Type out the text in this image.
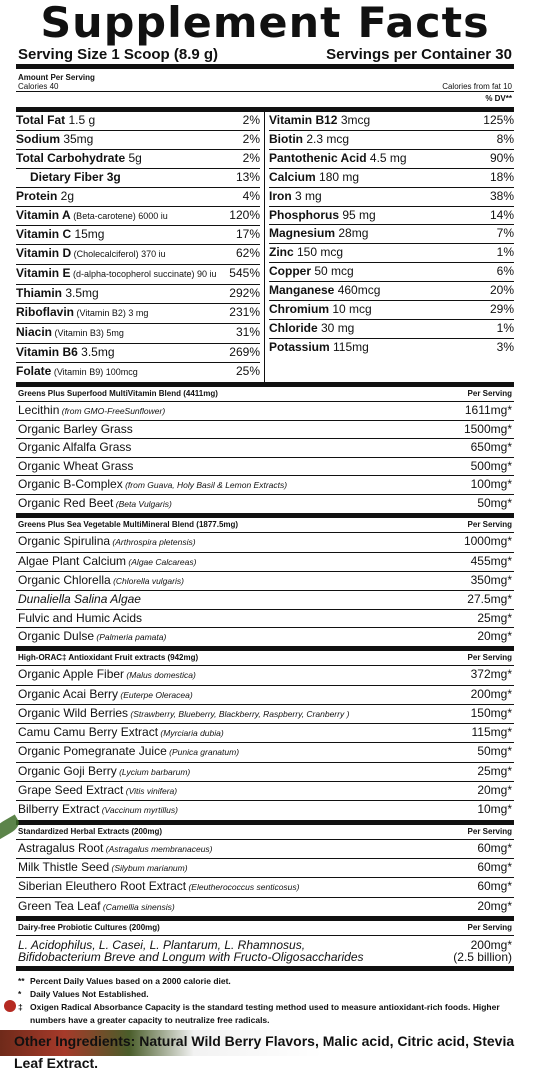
Supplement Facts
Serving Size 1 Scoop (8.9 g)	Servings per Container 30
Amount Per Serving
Calories 40	Calories from fat 10
% DV**
Total Fat 1.5 g	2%
Sodium 35mg	2%
Total Carbohydrate 5g	2%
Dietary Fiber 3g	13%
Protein 2g	4%
Vitamin A (Beta-carotene) 6000 iu	120%
Vitamin C 15mg	17%
Vitamin D (Cholecalciferol) 370 iu	62%
Vitamin E (d-alpha-tocopherol succinate) 90 iu 545%
Thiamin 3.5mg	292%
Riboflavin (Vitamin B2) 3 mg	231%
Niacin (Vitamin B3) 5mg	31%
Vitamin B6 3.5mg	269%
Folate (Vitamin B9) 100mcg	25%
Vitamin B12 3mcg	125%
Biotin 2.3 mcg	8%
Pantothenic Acid 4.5 mg	90%
Calcium 180 mg	18%
Iron 3 mg	38%
Phosphorus 95 mg	14%
Magnesium 28mg	7%
Zinc 150 mcg	1%
Copper 50 mcg	6%
Manganese 460mcg	20%
Chromium 10 mcg	29%
Chloride 30 mg	1%
Potassium 115mg	3%
Greens Plus Superfood MultiVitamin Blend (4411mg)	Per Serving
Lecithin (from GMO-FreeSunflower)	1611mg*
Organic Barley Grass	1500mg*
Organic Alfalfa Grass	650mg*
Organic Wheat Grass	500mg*
Organic B-Complex (from Guava, Holy Basil & Lemon Extracts)	100mg*
Organic Red Beet (Beta Vulgaris)	50mg*
Greens Plus Sea Vegetable MultiMineral Blend (1877.5mg)	Per Serving
Organic Spirulina (Arthrospira pletensis)	1000mg*
Algae Plant Calcium (Algae Calcareas)	455mg*
Organic Chlorella (Chlorella vulgaris)	350mg*
Dunaliella Salina Algae	27.5mg*
Fulvic and Humic Acids	25mg*
Organic Dulse (Palmeria pamata)	20mg*
High-ORAC‡ Antioxidant Fruit extracts (942mg)	Per Serving
Organic Apple Fiber (Malus domestica)	372mg*
Organic Acai Berry (Euterpe Oleracea)	200mg*
Organic Wild Berries (Strawberry, Blueberry, Blackberry, Raspberry, Cranberry )	150mg*
Camu Camu Berry Extract (Myrciaria dubia)	115mg*
Organic Pomegranate Juice (Punica granatum)	50mg*
Organic Goji Berry (Lycium barbarum)	25mg*
Grape Seed Extract (Vitis vinifera)	20mg*
Bilberry Extract (Vaccinum myrtillus)	10mg*
Standardized Herbal Extracts (200mg)	Per Serving
Astragalus Root (Astragalus membranaceus)	60mg*
Milk Thistle Seed (Silybum marianum)	60mg*
Siberian Eleuthero Root Extract (Eleutherococcus senticosus)	60mg*
Green Tea Leaf (Camellia sinensis)	20mg*
Dairy-free Probiotic Cultures (200mg)	Per Serving
L. Acidophilus, L. Casei, L. Plantarum, L. Rhamnosus,
Bifidobacterium Breve and Longum with Fructo-Oligosaccharides
200mg*
(2.5 billion)
** Percent Daily Values based on a 2000 calorie diet.
* Daily Values Not Established.
‡ Oxigen Radical Absorbance Capacity is the standard testing method used to measure antioxidant-rich foods. Higher numbers have a greater capacity to neutralize free radicals.
Other Ingredients: Natural Wild Berry Flavors, Malic acid, Citric acid, Stevia Leaf Extract.
